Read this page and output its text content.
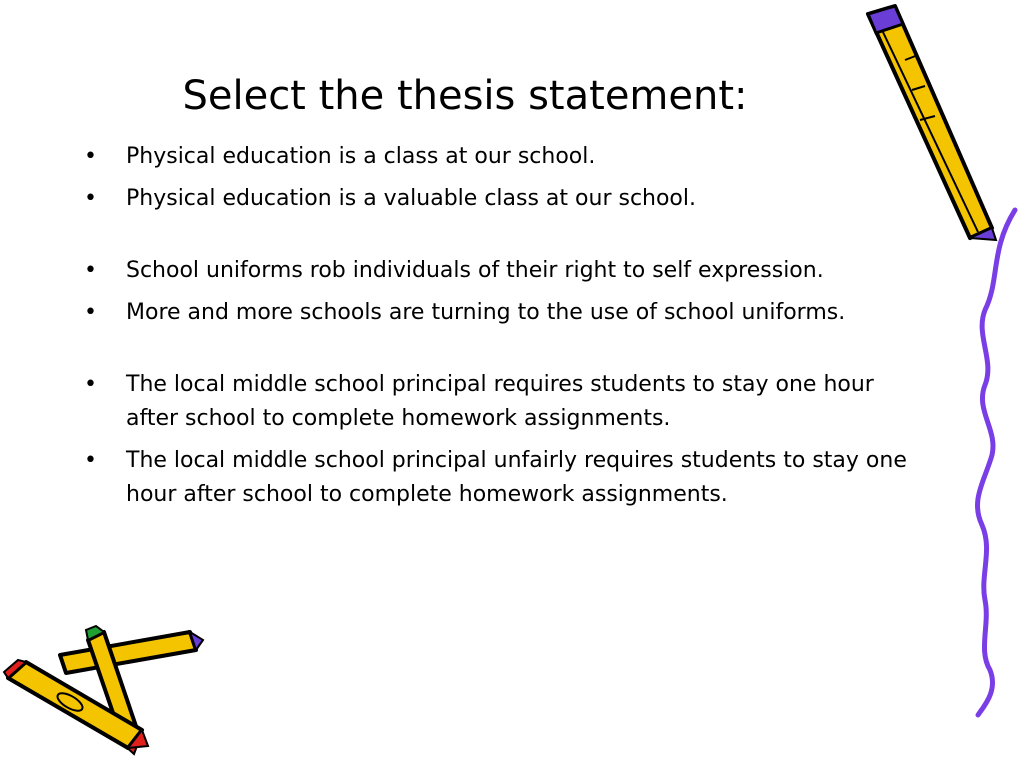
Select the thesis statement:
•	Physical education is a class at our school.
•	Physical education is a valuable class at our school.
•	School uniforms rob individuals of their right to self expression.
•	More and more schools are turning to the use of school uniforms.
•	The local middle school principal requires students to stay one hour after school to complete homework assignments.
•	The local middle school principal unfairly requires students to stay one hour after school to complete homework assignments.
